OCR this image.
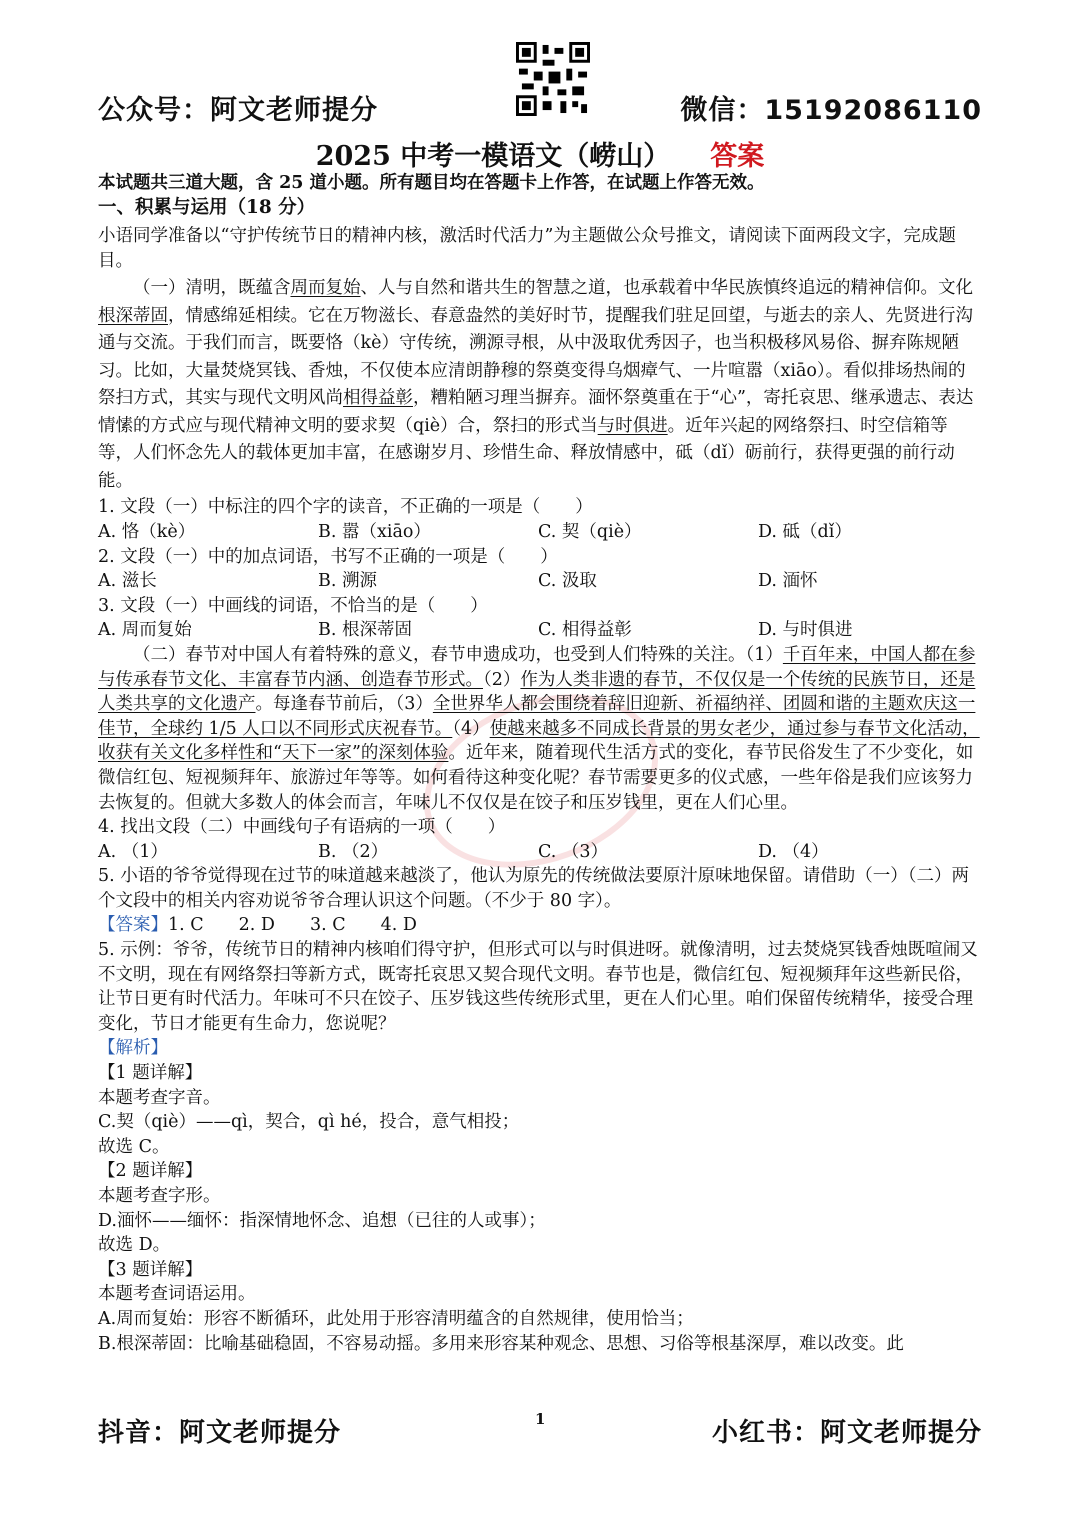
公众号：阿文老师提分	微信：15192086110
2025 中考一模语文（崂山） 答案

本试题共三道大题，含 25 道小题。所有题目均在答题卡上作答，在试题上作答无效。

一、积累与运用（18 分）

小语同学准备以“守护传统节日的精神内核，激活时代活力”为主题做公众号推文，请阅读下面两段文字，完成题目。

（一）清明，既蕴含周而复始、人与自然和谐共生的智慧之道，也承载着中华民族慎终追远的精神信仰。文化根深蒂固，情感绵延相续。它在万物滋长、春意盎然的美好时节，提醒我们驻足回望，与逝去的亲人、先贤进行沟通与交流。于我们而言，既要恪（kè）守传统，溯源寻根，从中汲取优秀因子，也当积极移风易俗、摒弃陈规陋习。比如，大量焚烧冥钱、香烛，不仅使本应清朗静穆的祭奠变得乌烟瘴气、一片喧嚣（xiāo）。看似排场热闹的祭扫方式，其实与现代文明风尚相得益彰，糟粕陋习理当摒弃。湎怀祭奠重在于“心”，寄托哀思、继承遗志、表达情愫的方式应与现代精神文明的要求契（qiè）合，祭扫的形式当与时俱进。近年兴起的网络祭扫、时空信箱等等，人们怀念先人的载体更加丰富，在感谢岁月、珍惜生命、释放情感中，砥（dǐ）砺前行，获得更强的前行动能。

1. 文段（一）中标注的四个字的读音，不正确的一项是（　　）

A. 恪（kè）	B. 嚣（xiāo）	C. 契（qiè）	D. 砥（dǐ）

2. 文段（一）中的加点词语，书写不正确的一项是（　　）

A. 滋长	B. 溯源	C. 汲取	D. 湎怀

3. 文段（一）中画线的词语，不恰当的是（　　）

A. 周而复始	B. 根深蒂固	C. 相得益彰	D. 与时俱进

（二）春节对中国人有着特殊的意义，春节申遗成功，也受到人们特殊的关注。（1）千百年来，中国人都在参与传承春节文化、丰富春节内涵、创造春节形式。（2）作为人类非遗的春节，不仅仅是一个传统的民族节日，还是人类共享的文化遗产。每逢春节前后，（3）全世界华人都会围绕着辞旧迎新、祈福纳祥、团圆和谐的主题欢庆这一佳节，全球约 1/5 人口以不同形式庆祝春节。（4）使越来越多不同成长背景的男女老少，通过参与春节文化活动，收获有关文化多样性和“天下一家”的深刻体验。近年来，随着现代生活方式的变化，春节民俗发生了不少变化，如微信红包、短视频拜年、旅游过年等等。如何看待这种变化呢？春节需要更多的仪式感，一些年俗是我们应该努力去恢复的。但就大多数人的体会而言，年味儿不仅仅是在饺子和压岁钱里，更在人们心里。

4. 找出文段（二）中画线句子有语病的一项（　　）

A. （1）	B. （2）	C. （3）	D. （4）

5. 小语的爷爷觉得现在过节的味道越来越淡了，他认为原先的传统做法要原汁原味地保留。请借助（一）（二）两个文段中的相关内容劝说爷爷合理认识这个问题。（不少于 80 字）。

【答案】1. C　　2. D　　3. C　　4. D

5. 示例：爷爷，传统节日的精神内核咱们得守护，但形式可以与时俱进呀。就像清明，过去焚烧冥钱香烛既喧闹又不文明，现在有网络祭扫等新方式，既寄托哀思又契合现代文明。春节也是，微信红包、短视频拜年这些新民俗，让节日更有时代活力。年味可不只在饺子、压岁钱这些传统形式里，更在人们心里。咱们保留传统精华，接受合理变化，节日才能更有生命力，您说呢？

【解析】

【1 题详解】

本题考查字音。

C.契（qiè）——qì，契合，qì hé，投合，意气相投；

故选 C。

【2 题详解】

本题考查字形。

D.湎怀——缅怀：指深情地怀念、追想（已往的人或事）；

故选 D。

【3 题详解】

本题考查词语运用。

A.周而复始：形容不断循环，此处用于形容清明蕴含的自然规律，使用恰当；

B.根深蒂固：比喻基础稳固，不容易动摇。多用来形容某种观念、思想、习俗等根基深厚，难以改变。此

抖音：阿文老师提分	1	小红书：阿文老师提分
